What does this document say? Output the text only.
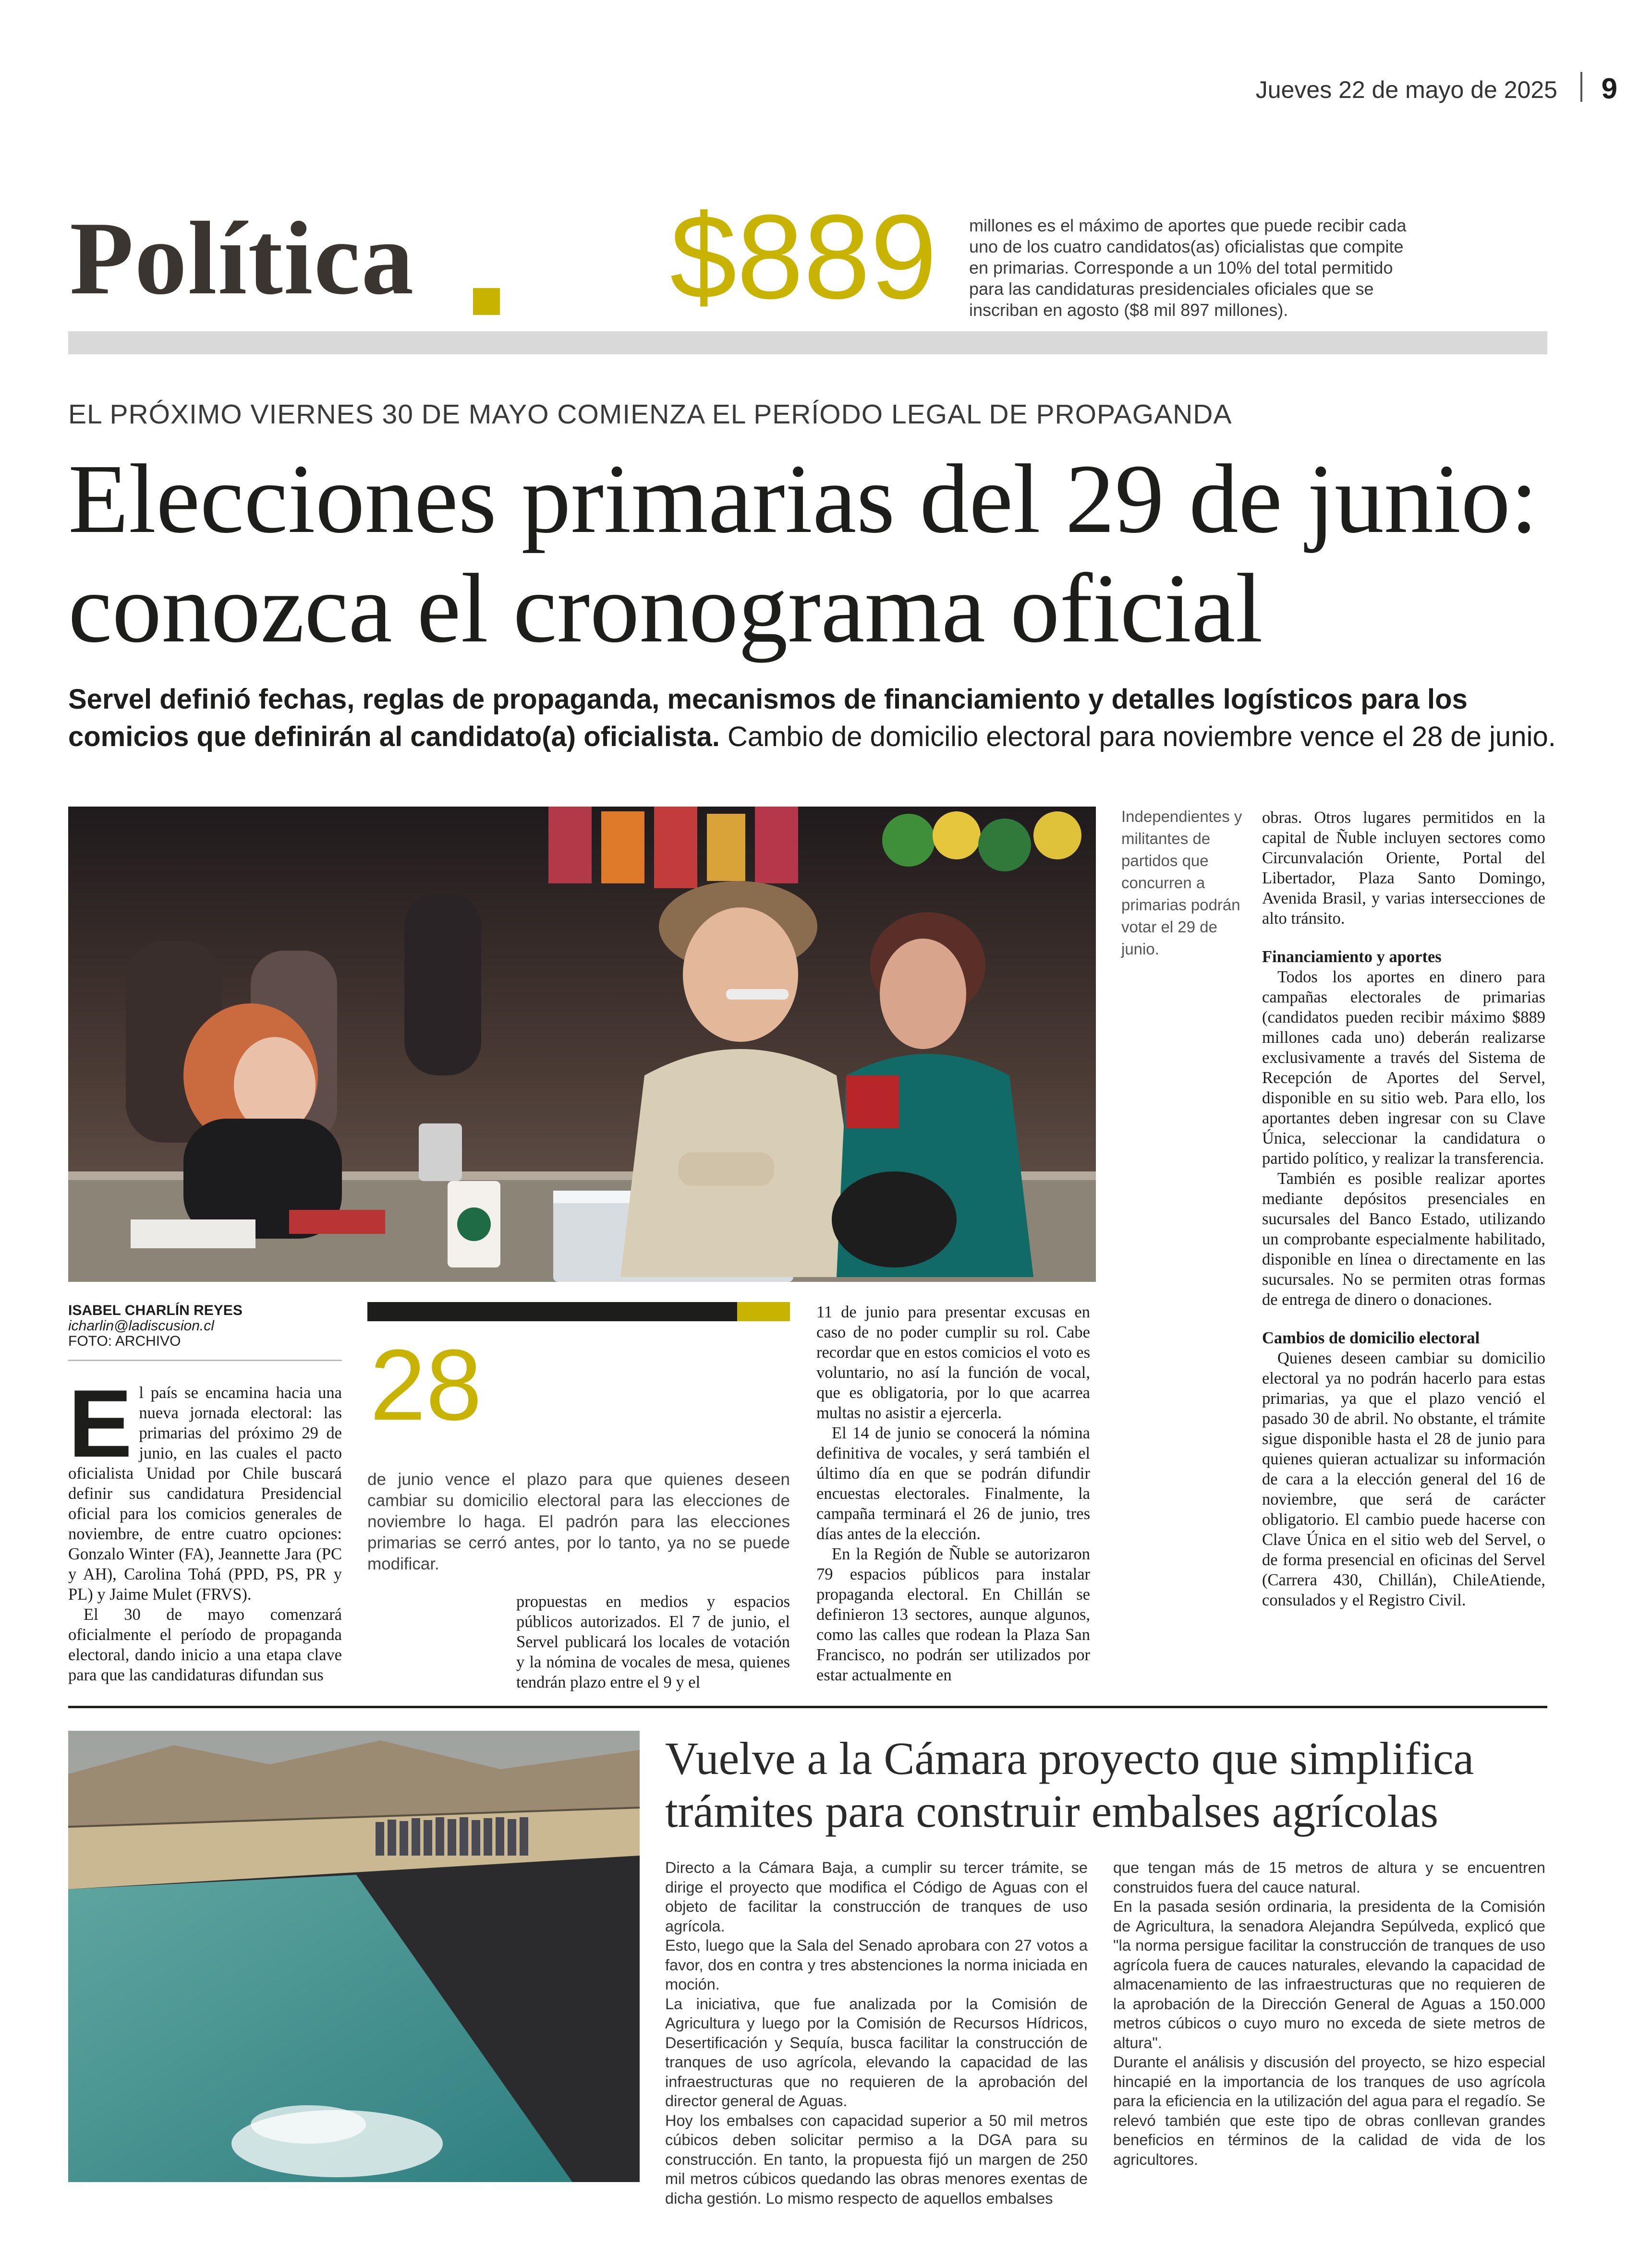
Jueves 22 de mayo de 2025 9
Política $889 millones es el máximo de aportes que puede recibir cada uno de los cuatro candidatos(as) oficialistas que compite en primarias. Corresponde a un 10% del total permitido para las candidaturas presidenciales oficiales que se inscriban en agosto ($8 mil 897 millones).
EL PRÓXIMO VIERNES 30 DE MAYO COMIENZA EL PERÍODO LEGAL DE PROPAGANDA
Elecciones primarias del 29 de junio: conozca el cronograma oficial
Servel definió fechas, reglas de propaganda, mecanismos de financiamiento y detalles logísticos para los comicios que definirán al candidato(a) oficialista. Cambio de domicilio electoral para noviembre vence el 28 de junio.
Independientes y militantes de partidos que concurren a primarias podrán votar el 29 de junio.
ISABEL CHARLÍN REYES
icharlin@ladiscusion.cl
FOTO: ARCHIVO
E l país se encamina hacia una nueva jornada electoral: las primarias del próximo 29 de junio, en las cuales el pacto oficialista Unidad por Chile buscará definir sus candidatura Presidencial oficial para los comicios generales de noviembre, de entre cuatro opciones: Gonzalo Winter (FA), Jeannette Jara (PC y AH), Carolina Tohá (PPD, PS, PR y PL) y Jaime Mulet (FRVS).

El 30 de mayo comenzará oficialmente el período de propaganda electoral, dando inicio a una etapa clave para que las candidaturas difundan sus

28
de junio vence el plazo para que quienes deseen cambiar su domicilio electoral para las elecciones de noviembre lo haga. El padrón para las elecciones primarias se cerró antes, por lo tanto, ya no se puede modificar.

propuestas en medios y espacios públicos autorizados. El 7 de junio, el Servel publicará los locales de votación y la nómina de vocales de mesa, quienes tendrán plazo entre el 9 y el

11 de junio para presentar excusas en caso de no poder cumplir su rol. Cabe recordar que en estos comicios el voto es voluntario, no así la función de vocal, que es obligatoria, por lo que acarrea multas no asistir a ejercerla.

El 14 de junio se conocerá la nómina definitiva de vocales, y será también el último día en que se podrán difundir encuestas electorales. Finalmente, la campaña terminará el 26 de junio, tres días antes de la elección.

En la Región de Ñuble se autorizaron 79 espacios públicos para instalar propaganda electoral. En Chillán se definieron 13 sectores, aunque algunos, como las calles que rodean la Plaza San Francisco, no podrán ser utilizados por estar actualmente en

obras. Otros lugares permitidos en la capital de Ñuble incluyen sectores como Circunvalación Oriente, Portal del Libertador, Plaza Santo Domingo, Avenida Brasil, y varias intersecciones de alto tránsito.

Financiamiento y aportes

Todos los aportes en dinero para campañas electorales de primarias (candidatos pueden recibir máximo $889 millones cada uno) deberán realizarse exclusivamente a través del Sistema de Recepción de Aportes del Servel, disponible en su sitio web. Para ello, los aportantes deben ingresar con su Clave Única, seleccionar la candidatura o partido político, y realizar la transferencia.

También es posible realizar aportes mediante depósitos presenciales en sucursales del Banco Estado, utilizando un comprobante especialmente habilitado, disponible en línea o directamente en las sucursales. No se permiten otras formas de entrega de dinero o donaciones.

Cambios de domicilio electoral

Quienes deseen cambiar su domicilio electoral ya no podrán hacerlo para estas primarias, ya que el plazo venció el pasado 30 de abril. No obstante, el trámite sigue disponible hasta el 28 de junio para quienes quieran actualizar su información de cara a la elección general del 16 de noviembre, que será de carácter obligatorio. El cambio puede hacerse con Clave Única en el sitio web del Servel, o de forma presencial en oficinas del Servel (Carrera 430, Chillán), ChileAtiende, consulados y el Registro Civil.

Vuelve a la Cámara proyecto que simplifica trámites para construir embalses agrícolas

Directo a la Cámara Baja, a cumplir su tercer trámite, se dirige el proyecto que modifica el Código de Aguas con el objeto de facilitar la construcción de tranques de uso agrícola.

Esto, luego que la Sala del Senado aprobara con 27 votos a favor, dos en contra y tres abstenciones la norma iniciada en moción.

La iniciativa, que fue analizada por la Comisión de Agricultura y luego por la Comisión de Recursos Hídricos, Desertificación y Sequía, busca facilitar la construcción de tranques de uso agrícola, elevando la capacidad de las infraestructuras que no requieren de la aprobación del director general de Aguas.

Hoy los embalses con capacidad superior a 50 mil metros cúbicos deben solicitar permiso a la DGA para su construcción. En tanto, la propuesta fijó un margen de 250 mil metros cúbicos quedando las obras menores exentas de dicha gestión. Lo mismo respecto de aquellos embalses

que tengan más de 15 metros de altura y se encuentren construidos fuera del cauce natural.

En la pasada sesión ordinaria, la presidenta de la Comisión de Agricultura, la senadora Alejandra Sepúlveda, explicó que "la norma persigue facilitar la construcción de tranques de uso agrícola fuera de cauces naturales, elevando la capacidad de almacenamiento de las infraestructuras que no requieren de la aprobación de la Dirección General de Aguas a 150.000 metros cúbicos o cuyo muro no exceda de siete metros de altura".

Durante el análisis y discusión del proyecto, se hizo especial hincapié en la importancia de los tranques de uso agrícola para la eficiencia en la utilización del agua para el regadío. Se relevó también que este tipo de obras conllevan grandes beneficios en términos de la calidad de vida de los agricultores.
